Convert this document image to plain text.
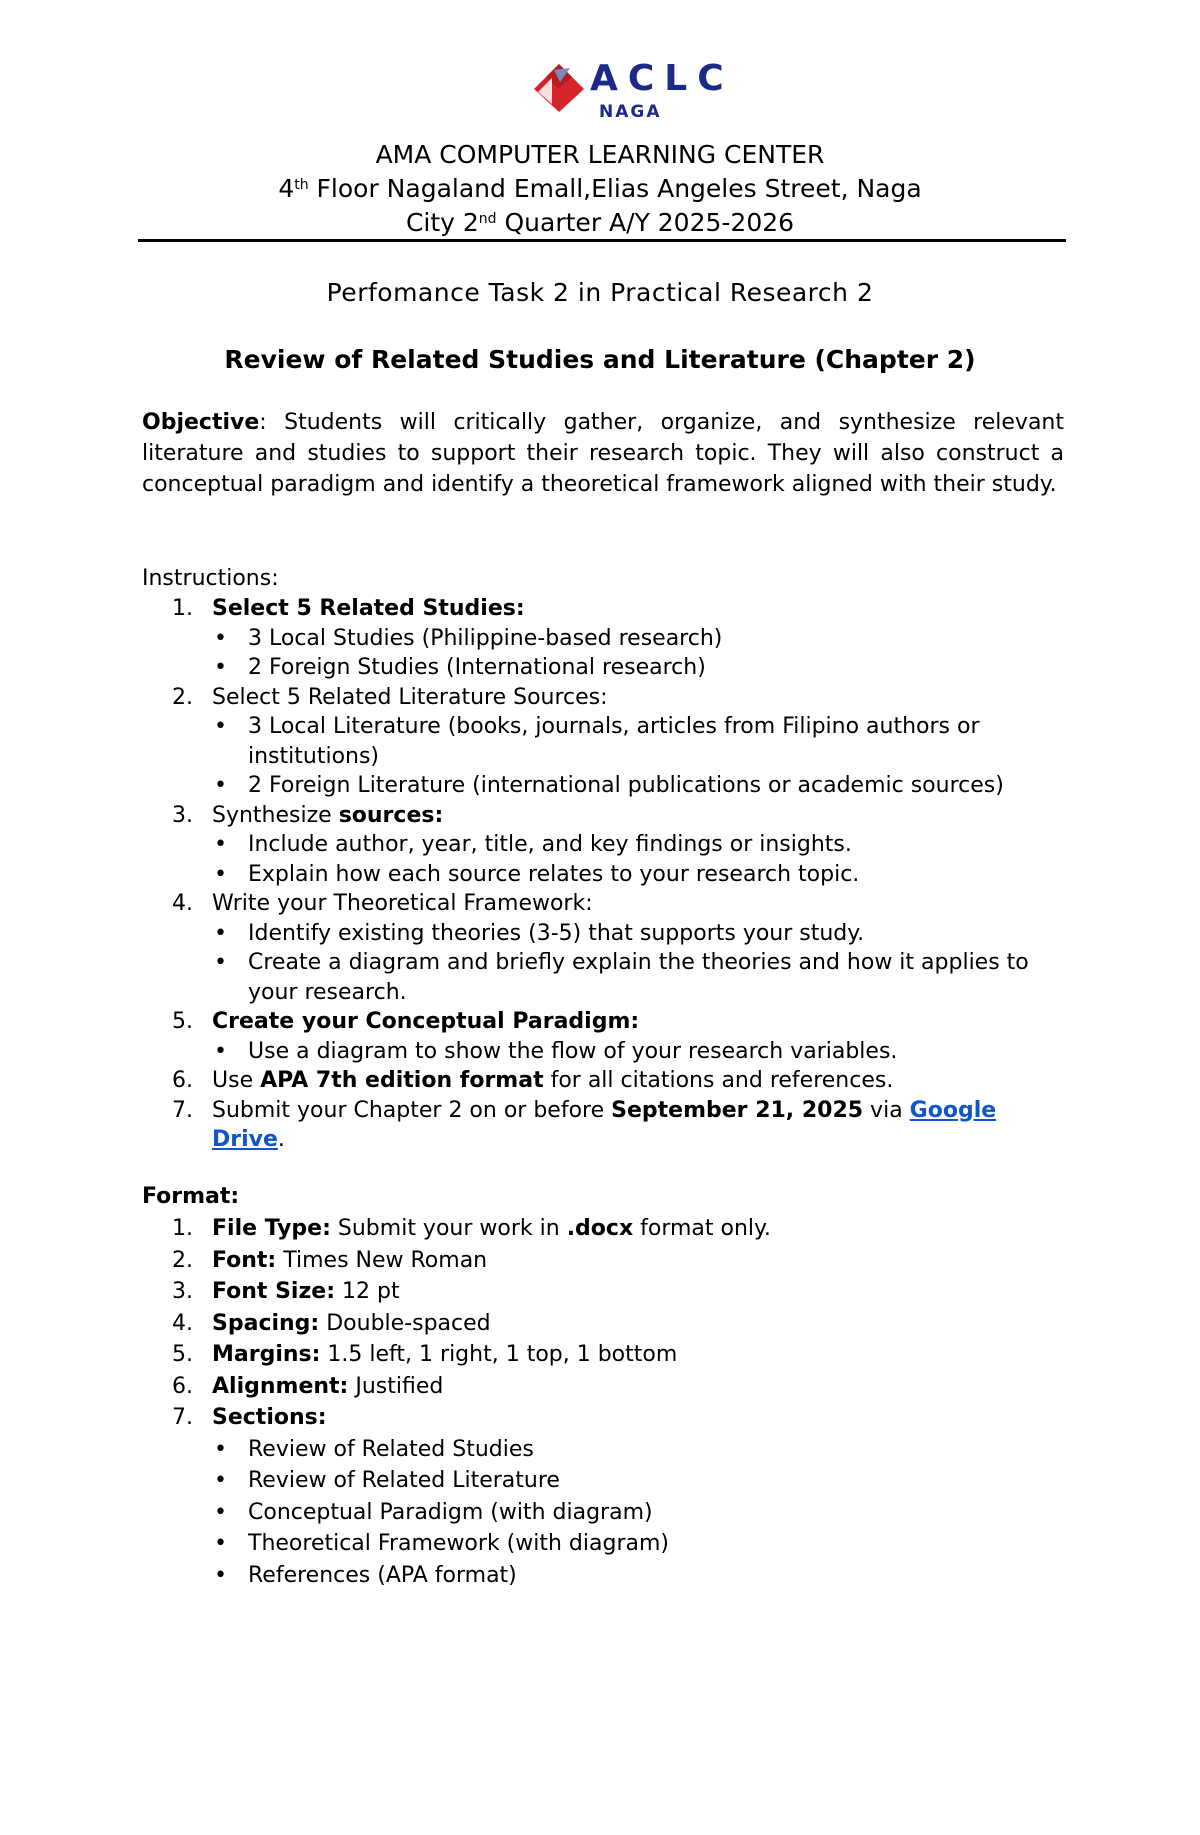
ACLC
NAGA
AMA COMPUTER LEARNING CENTER
4th Floor Nagaland Emall,Elias Angeles Street, Naga
City 2nd Quarter A/Y 2025-2026
Perfomance Task 2 in Practical Research 2
Review of Related Studies and Literature (Chapter 2)
Objective: Students will critically gather, organize, and synthesize relevant literature and studies to support their research topic. They will also construct a conceptual paradigm and identify a theoretical framework aligned with their study.
Instructions:
1. Select 5 Related Studies:
• 3 Local Studies (Philippine-based research)
• 2 Foreign Studies (International research)
2. Select 5 Related Literature Sources:
• 3 Local Literature (books, journals, articles from Filipino authors or institutions)
• 2 Foreign Literature (international publications or academic sources)
3. Synthesize sources:
• Include author, year, title, and key findings or insights.
• Explain how each source relates to your research topic.
4. Write your Theoretical Framework:
• Identify existing theories (3-5) that supports your study.
• Create a diagram and briefly explain the theories and how it applies to your research.
5. Create your Conceptual Paradigm:
• Use a diagram to show the flow of your research variables.
6. Use APA 7th edition format for all citations and references.
7. Submit your Chapter 2 on or before September 21, 2025 via Google Drive.
Format:
1. File Type: Submit your work in .docx format only.
2. Font: Times New Roman
3. Font Size: 12 pt
4. Spacing: Double-spaced
5. Margins: 1.5 left, 1 right, 1 top, 1 bottom
6. Alignment: Justified
7. Sections:
• Review of Related Studies
• Review of Related Literature
• Conceptual Paradigm (with diagram)
• Theoretical Framework (with diagram)
• References (APA format)
